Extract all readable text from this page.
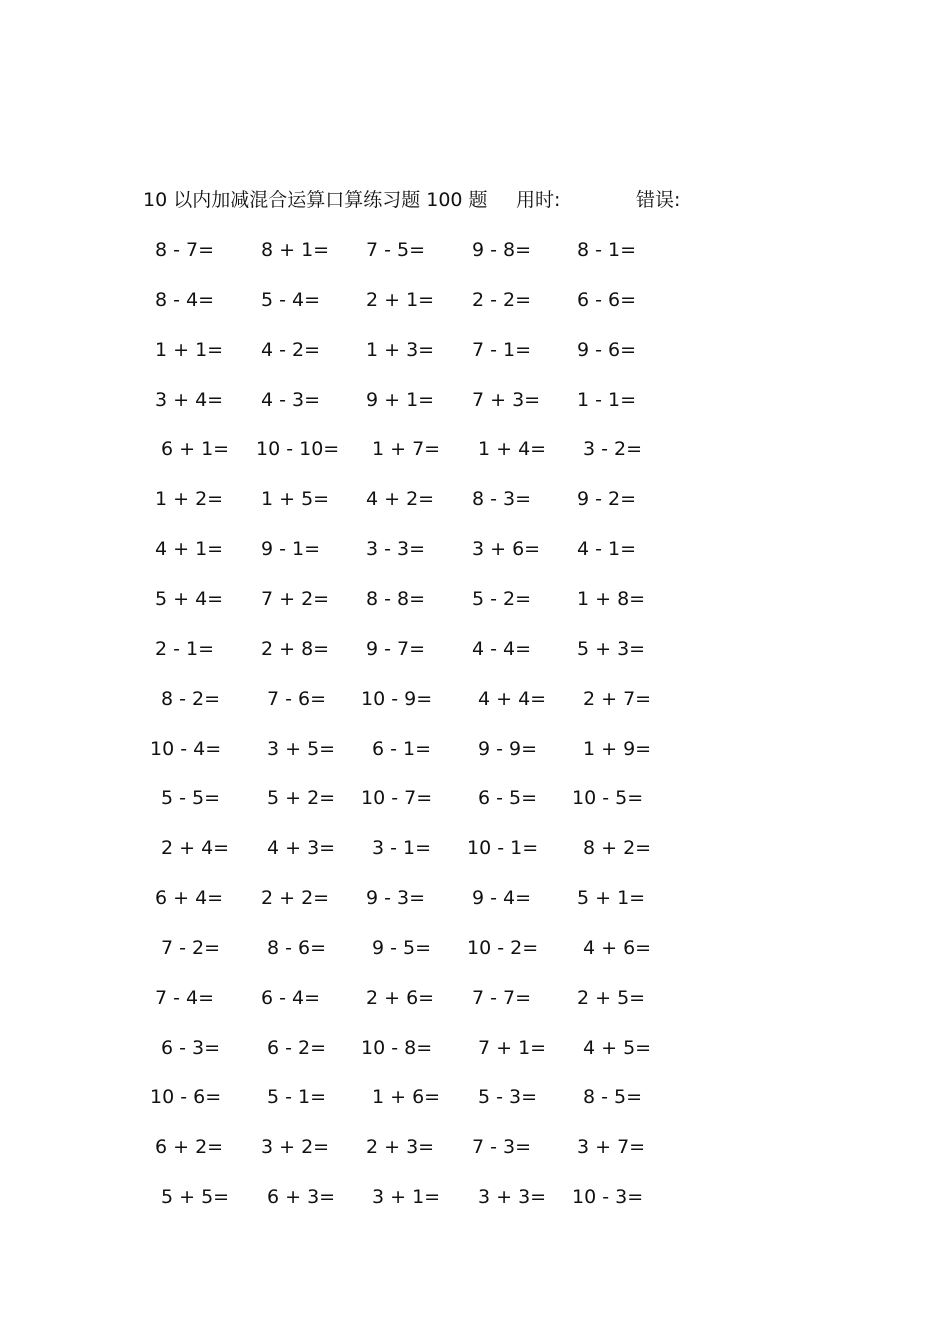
10 以内加减混合运算口算练习题 100 题 用时:	错误:
8 - 7= 8 + 1= 7 - 5= 9 - 8= 8 - 1=
8 - 4= 5 - 4= 2 + 1= 2 - 2= 6 - 6=
1 + 1= 4 - 2= 1 + 3= 7 - 1= 9 - 6=
3 + 4= 4 - 3= 9 + 1= 7 + 3= 1 - 1=
6 + 1= 10 - 10= 1 + 7= 1 + 4= 3 - 2=
1 + 2= 1 + 5= 4 + 2= 8 - 3= 9 - 2=
4 + 1= 9 - 1= 3 - 3= 3 + 6= 4 - 1=
5 + 4= 7 + 2= 8 - 8= 5 - 2= 1 + 8=
2 - 1= 2 + 8= 9 - 7= 4 - 4= 5 + 3=
8 - 2= 7 - 6= 10 - 9= 4 + 4= 2 + 7=
10 - 4= 3 + 5= 6 - 1= 9 - 9= 1 + 9=
5 - 5= 5 + 2= 10 - 7= 6 - 5= 10 - 5=
2 + 4= 4 + 3= 3 - 1= 10 - 1= 8 + 2=
6 + 4= 2 + 2= 9 - 3= 9 - 4= 5 + 1=
7 - 2= 8 - 6= 9 - 5= 10 - 2= 4 + 6=
7 - 4= 6 - 4= 2 + 6= 7 - 7= 2 + 5=
6 - 3= 6 - 2= 10 - 8= 7 + 1= 4 + 5=
10 - 6= 5 - 1= 1 + 6= 5 - 3= 8 - 5=
6 + 2= 3 + 2= 2 + 3= 7 - 3= 3 + 7=
5 + 5= 6 + 3= 3 + 1= 3 + 3= 10 - 3=
